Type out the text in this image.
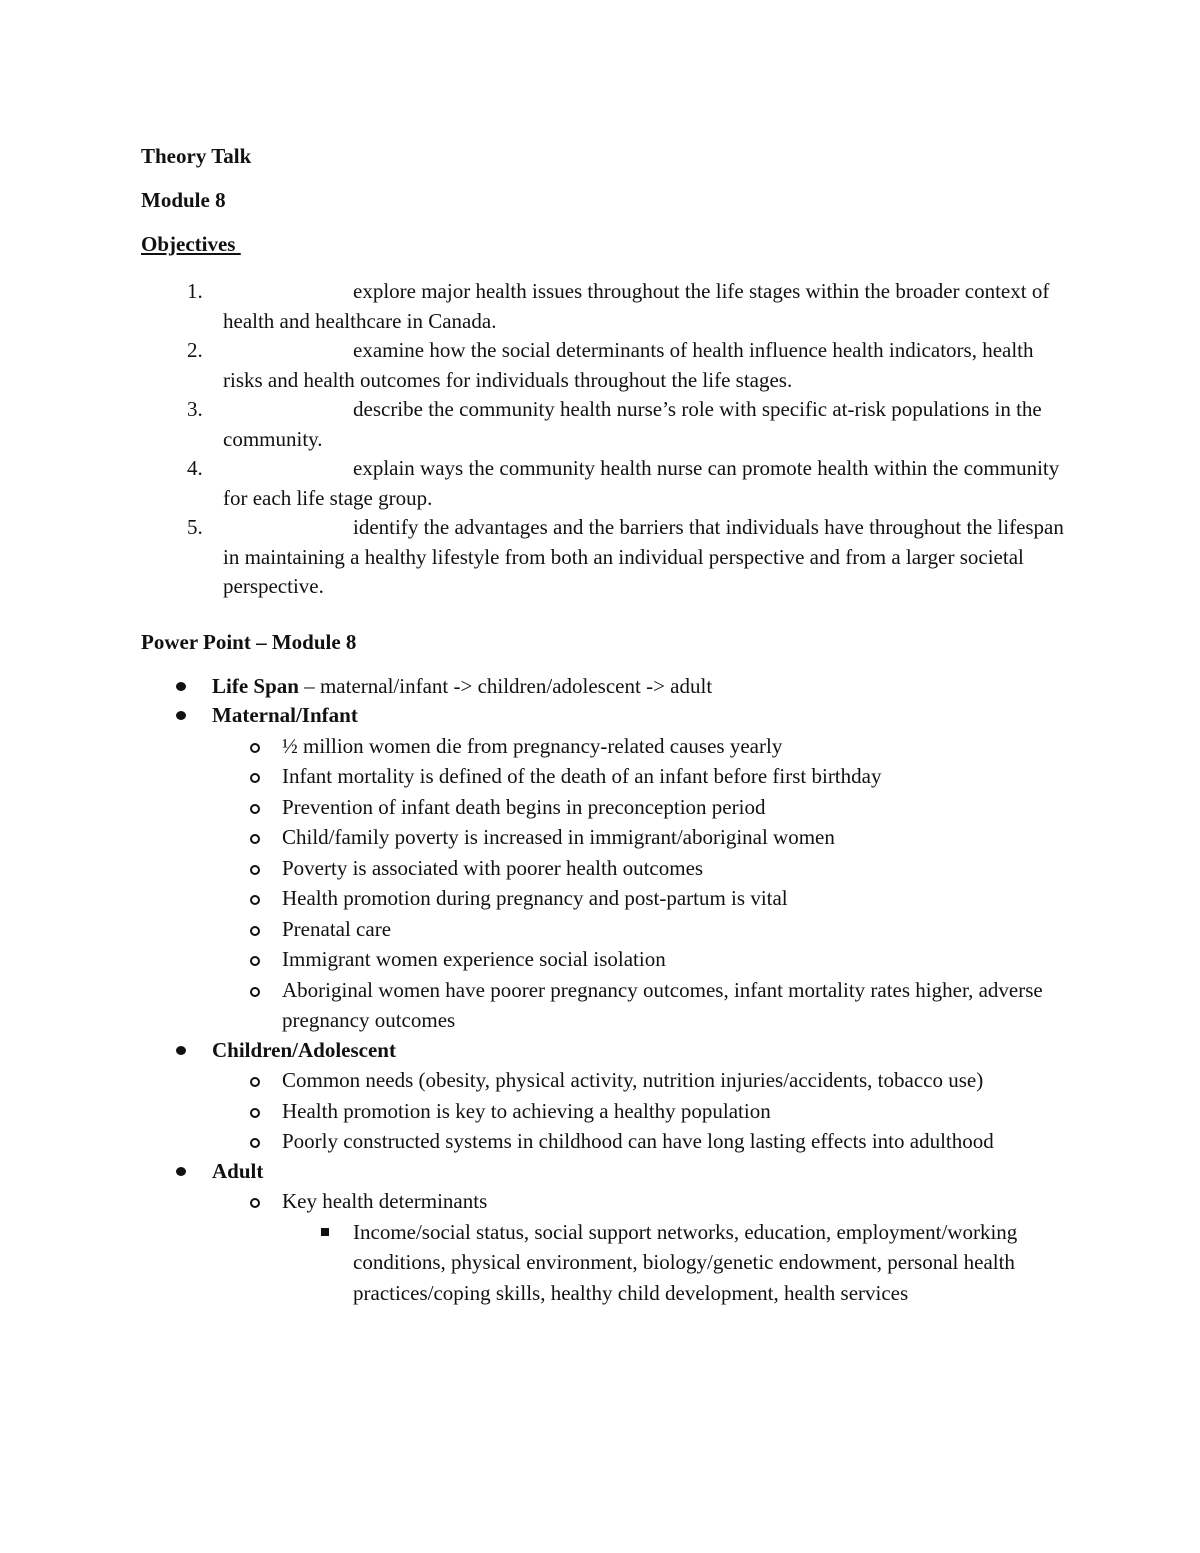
Theory Talk

Module 8

Objectives

1.	explore major health issues throughout the life stages within the broader context of health and healthcare in Canada.
2.	examine how the social determinants of health influence health indicators, health risks and health outcomes for individuals throughout the life stages.
3.	describe the community health nurse’s role with specific at-risk populations in the community.
4.	explain ways the community health nurse can promote health within the community for each life stage group.
5.	identify the advantages and the barriers that individuals have throughout the lifespan in maintaining a healthy lifestyle from both an individual perspective and from a larger societal perspective.

Power Point – Module 8

Life Span – maternal/infant -> children/adolescent -> adult
Maternal/Infant
½ million women die from pregnancy-related causes yearly
Infant mortality is defined of the death of an infant before first birthday
Prevention of infant death begins in preconception period
Child/family poverty is increased in immigrant/aboriginal women
Poverty is associated with poorer health outcomes
Health promotion during pregnancy and post-partum is vital
Prenatal care
Immigrant women experience social isolation
Aboriginal women have poorer pregnancy outcomes, infant mortality rates higher, adverse pregnancy outcomes
Children/Adolescent
Common needs (obesity, physical activity, nutrition injuries/accidents, tobacco use)
Health promotion is key to achieving a healthy population
Poorly constructed systems in childhood can have long lasting effects into adulthood
Adult
Key health determinants
Income/social status, social support networks, education, employment/working conditions, physical environment, biology/genetic endowment, personal health practices/coping skills, healthy child development, health services
